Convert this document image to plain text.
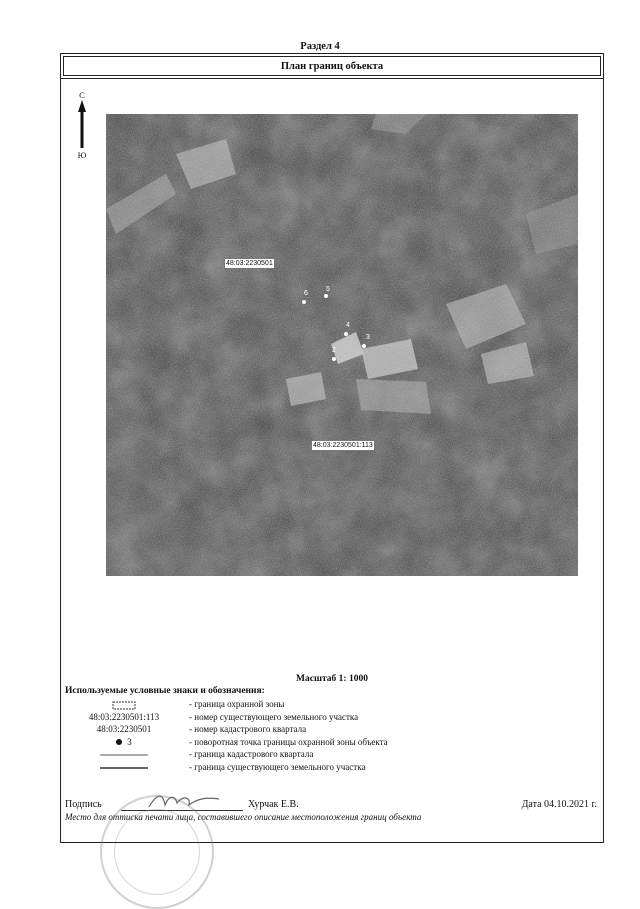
Раздел 4
План границ объекта
С
Ю
48:03:2230501
48:03:2230501:113
6
5
4
3
2
Масштаб 1: 1000
Используемые условные знаки и обозначения:
- граница охранной зоны
48:03:2230501:113	- номер существующего земельного участка
48:03:2230501	- номер кадастрового квартала
3	- поворотная точка границы охранной зоны объекта
- граница кадастрового квартала
- граница существующего земельного участка
Подпись	Хурчак Е.В.	Дата 04.10.2021 г.
Место для оттиска печати лица, составившего описание местоположения границ объекта
